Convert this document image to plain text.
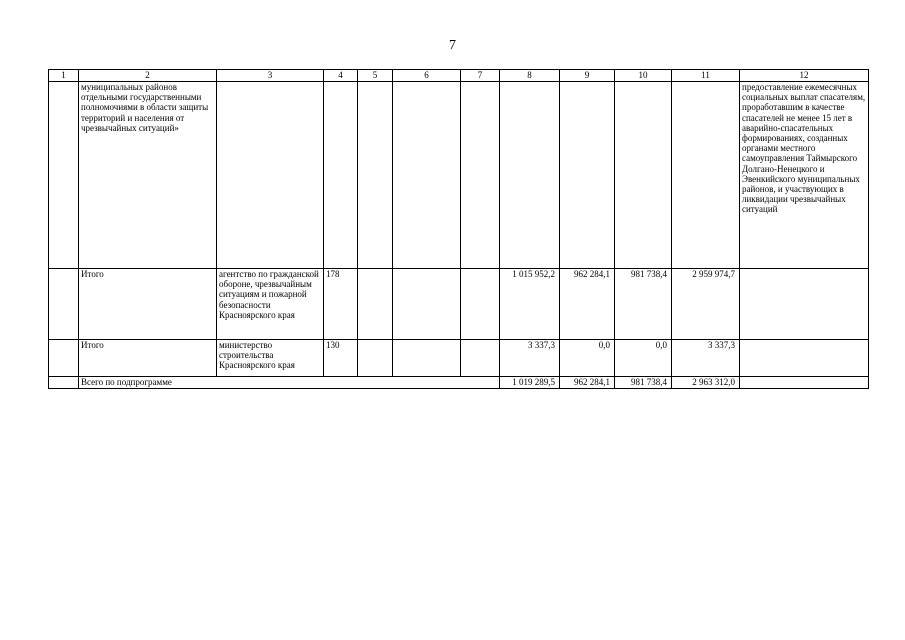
7
1	2	3	4	5	6	7	8	9	10	11	12
	муниципальных районов отдельными государственными полномочиями в области защиты территорий и населения от чрезвычайных ситуаций»										предоставление ежемесячных социальных выплат спасателям, проработавшим в качестве спасателей не менее 15 лет в аварийно-спасательных формированиях, созданных органами местного самоуправления Таймырского Долгано-Ненецкого и Эвенкийского муниципальных районов, и участвующих в ликвидации чрезвычайных ситуаций
	Итого	агентство по гражданской обороне, чрезвычайным ситуациям и пожарной безопасности Красноярского края	178				1 015 952,2	962 284,1	981 738,4	2 959 974,7	
	Итого	министерство строительства Красноярского края	130				3 337,3	0,0	0,0	3 337,3	
	Всего по подпрограмме						1 019 289,5	962 284,1	981 738,4	2 963 312,0	
